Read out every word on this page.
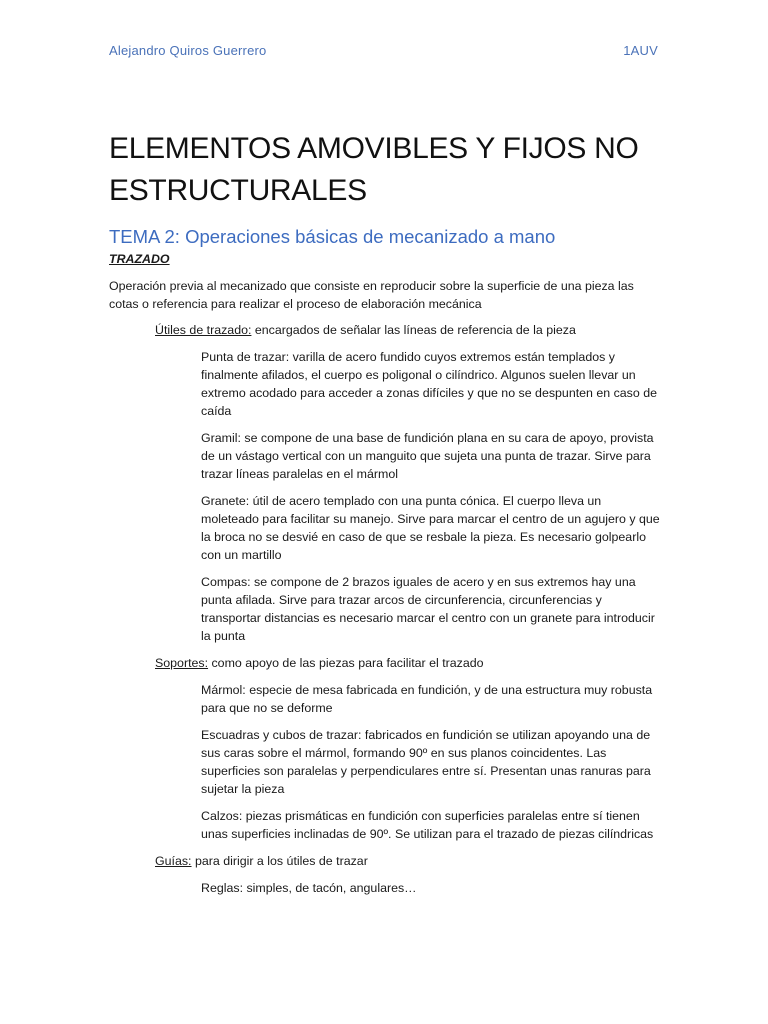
Alejandro Quiros Guerrero	1AUV
ELEMENTOS AMOVIBLES Y FIJOS NO ESTRUCTURALES
TEMA 2: Operaciones básicas de mecanizado a mano

TRAZADO

Operación previa al mecanizado que consiste en reproducir sobre la superficie de una pieza las cotas o referencia para realizar el proceso de elaboración mecánica

Útiles de trazado: encargados de señalar las líneas de referencia de la pieza

Punta de trazar: varilla de acero fundido cuyos extremos están templados y finalmente afilados, el cuerpo es poligonal o cilíndrico. Algunos suelen llevar un extremo acodado para acceder a zonas difíciles y que no se despunten en caso de caída

Gramil: se compone de una base de fundición plana en su cara de apoyo, provista de un vástago vertical con un manguito que sujeta una punta de trazar. Sirve para trazar líneas paralelas en el mármol

Granete: útil de acero templado con una punta cónica. El cuerpo lleva un moleteado para facilitar su manejo. Sirve para marcar el centro de un agujero y que la broca no se desvié en caso de que se resbale la pieza. Es necesario golpearlo con un martillo

Compas: se compone de 2 brazos iguales de acero y en sus extremos hay una punta afilada. Sirve para trazar arcos de circunferencia, circunferencias y transportar distancias es necesario marcar el centro con un granete para introducir la punta

Soportes: como apoyo de las piezas para facilitar el trazado

Mármol: especie de mesa fabricada en fundición, y de una estructura muy robusta para que no se deforme

Escuadras y cubos de trazar: fabricados en fundición se utilizan apoyando una de sus caras sobre el mármol, formando 90º en sus planos coincidentes. Las superficies son paralelas y perpendiculares entre sí. Presentan unas ranuras para sujetar la pieza

Calzos: piezas prismáticas en fundición con superficies paralelas entre sí tienen unas superficies inclinadas de 90º. Se utilizan para el trazado de piezas cilíndricas

Guías: para dirigir a los útiles de trazar

Reglas: simples, de tacón, angulares…
